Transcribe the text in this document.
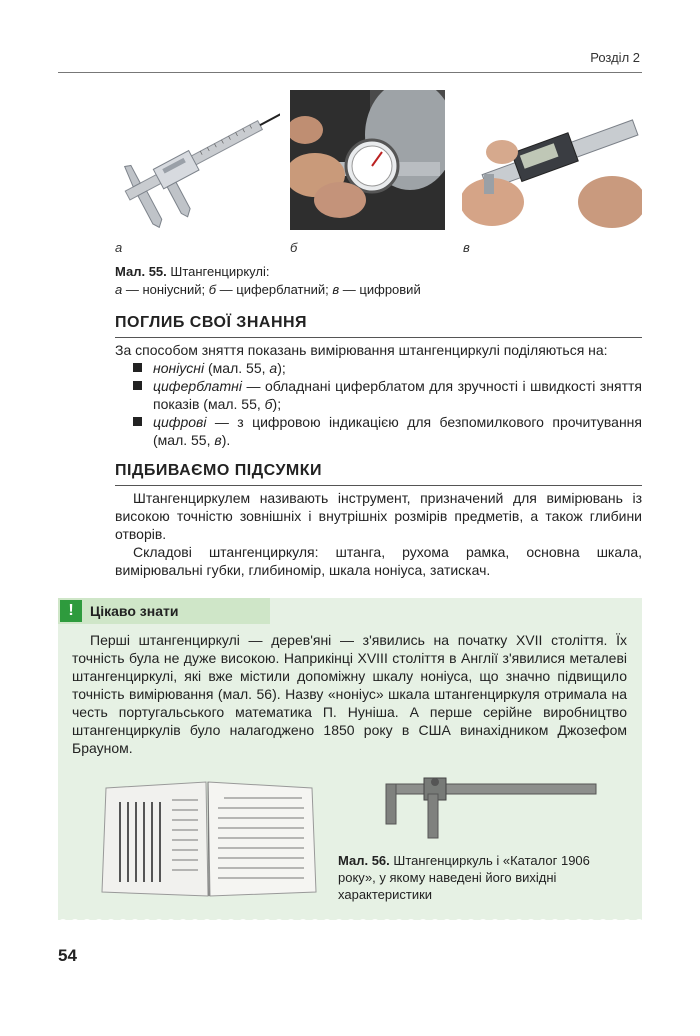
Розділ 2
а	б	в
Мал. 55. Штангенциркулі:
а — ноніусний; б — циферблатний; в — цифровий
ПОГЛИБ СВОЇ ЗНАННЯ
За способом зняття показань вимірювання штангенциркулі поділяються на:
ноніусні (мал. 55, а);
циферблатні — обладнані циферблатом для зручності і швидкості зняття показів (мал. 55, б);
цифрові — з цифровою індикацією для безпомилкового прочитування (мал. 55, в).
ПІДБИВАЄМО ПІДСУМКИ

Штангенциркулем називають інструмент, призначений для вимірювань із високою точністю зовнішніх і внутрішніх розмірів предметів, а також глибини отворів.

Складові штангенциркуля: штанга, рухома рамка, основна шкала, вимірювальні губки, глибиномір, шкала ноніуса, затискач.

!	Цікаво знати

Перші штангенциркулі — дерев'яні — з'явились на початку XVII століття. Їх точність була не дуже високою. Наприкінці XVIII століття в Англії з'явилися металеві штангенциркулі, які вже містили допоміжну шкалу ноніуса, що значно підвищило точність вимірювання (мал. 56). Назву «ноніус» шкала штангенциркуля отримала на честь португальського математика П. Нуніша. А перше серійне виробництво штангенциркулів було налагоджено 1850 року в США винахідником Джозефом Брауном.

Мал. 56. Штангенциркуль і «Каталог 1906 року», у якому наведені його вихідні характеристики
54
